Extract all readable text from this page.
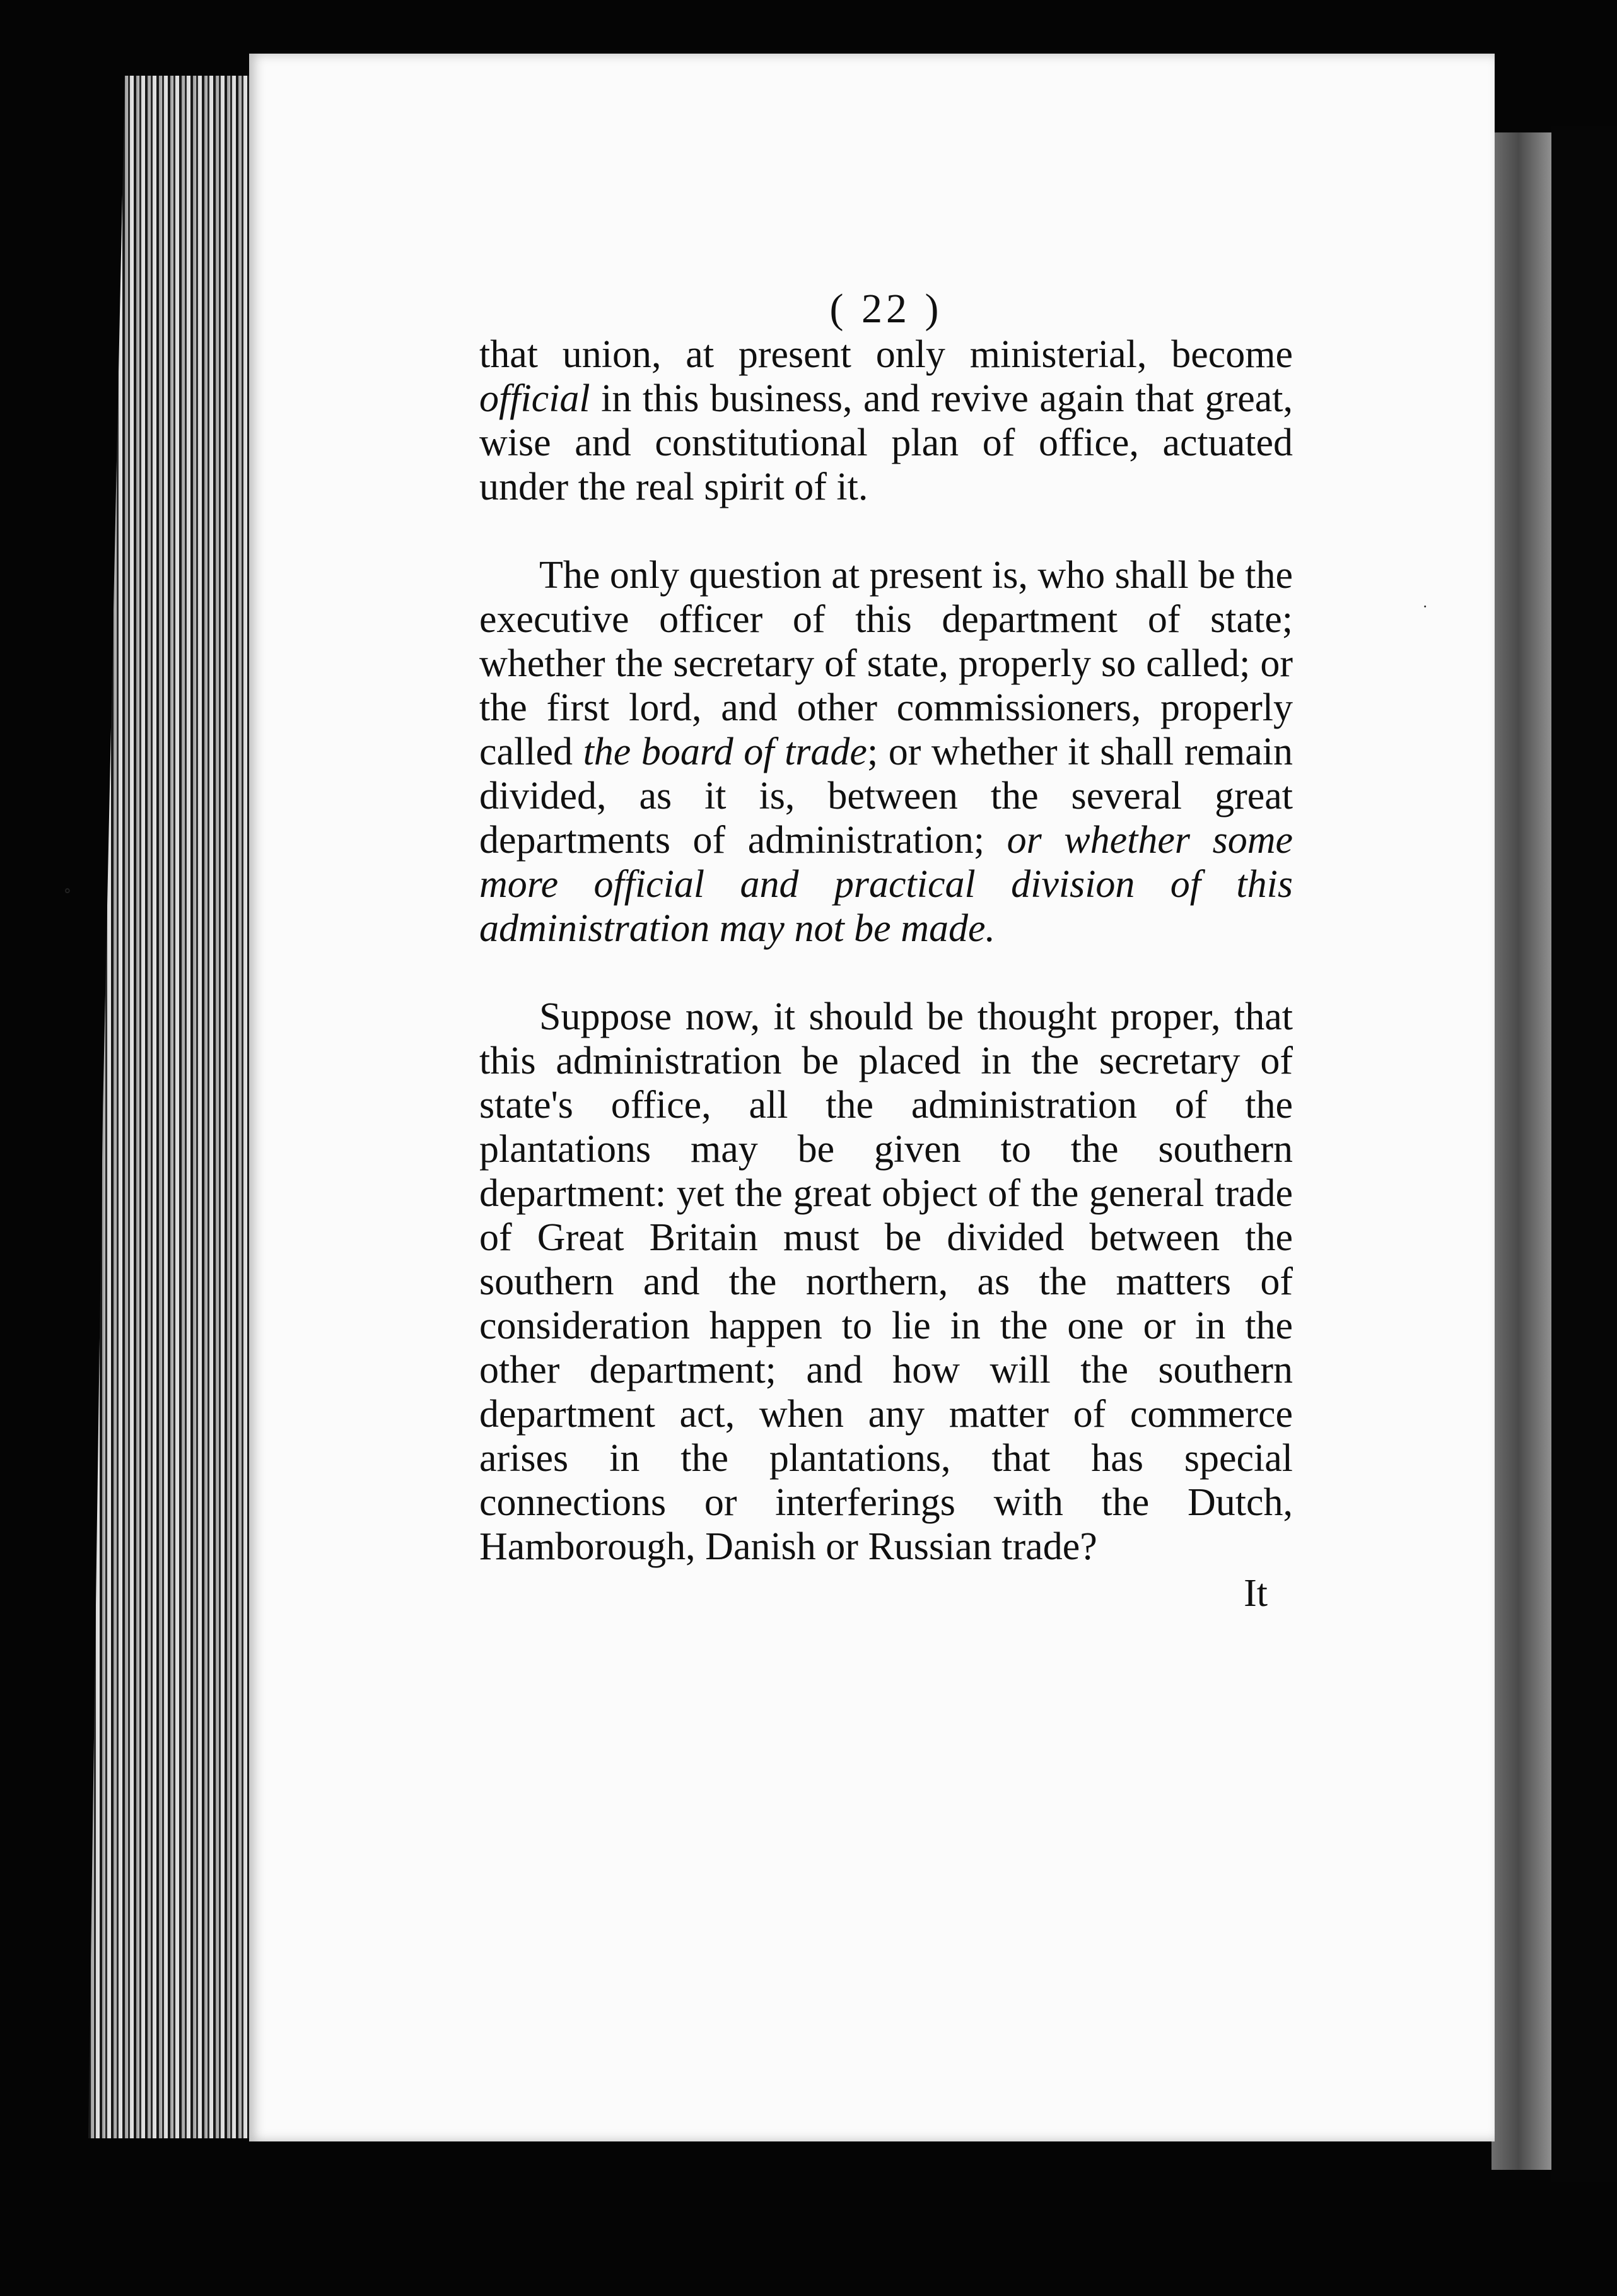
∘
˙
( 22 )

that union, at present only ministerial, become official in this business, and revive again that great, wise and constitutional plan of office, actuated under the real spirit of it.

The only question at present is, who shall be the executive officer of this department of state; whether the secretary of state, properly so called; or the first lord, and other commissioners, properly called the board of trade; or whether it shall remain divided, as it is, between the several great departments of administration; or whether some more official and practical division of this administration may not be made.

Suppose now, it should be thought proper, that this administration be placed in the secretary of state's office, all the administration of the plantations may be given to the southern department: yet the great object of the general trade of Great Britain must be divided between the southern and the northern, as the matters of consideration happen to lie in the one or in the other department; and how will the southern department act, when any matter of commerce arises in the plantations, that has special connections or interferings with the Dutch, Hamborough, Danish or Russian trade?

It
